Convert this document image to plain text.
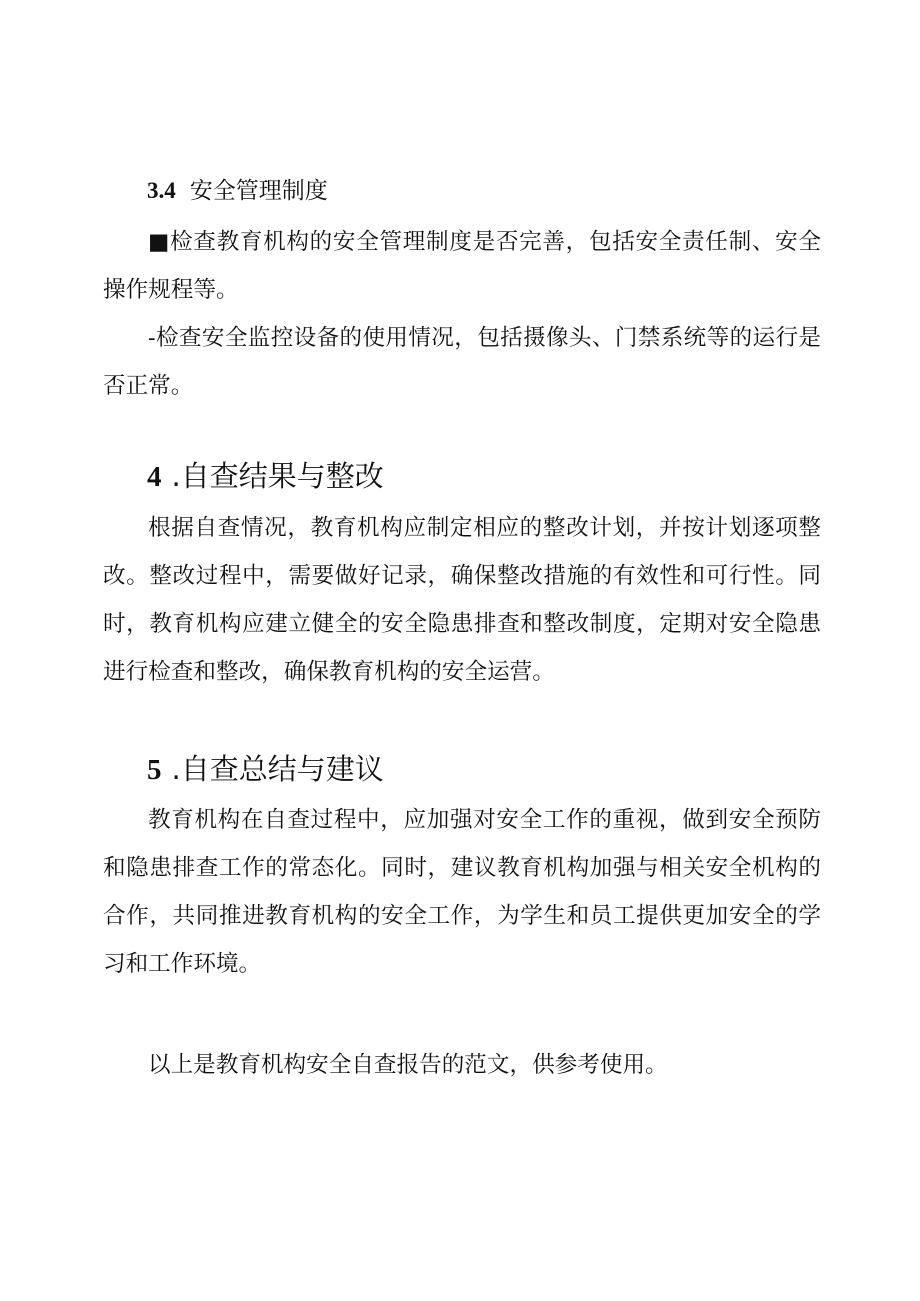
3.4 安全管理制度

■检查教育机构的安全管理制度是否完善，包括安全责任制、安全操作规程等。

-检查安全监控设备的使用情况，包括摄像头、门禁系统等的运行是否正常。

4 .自查结果与整改

根据自查情况，教育机构应制定相应的整改计划，并按计划逐项整改。整改过程中，需要做好记录，确保整改措施的有效性和可行性。同时，教育机构应建立健全的安全隐患排查和整改制度，定期对安全隐患进行检查和整改，确保教育机构的安全运营。

5 .自查总结与建议

教育机构在自查过程中，应加强对安全工作的重视，做到安全预防和隐患排查工作的常态化。同时，建议教育机构加强与相关安全机构的合作，共同推进教育机构的安全工作，为学生和员工提供更加安全的学习和工作环境。

以上是教育机构安全自查报告的范文，供参考使用。
